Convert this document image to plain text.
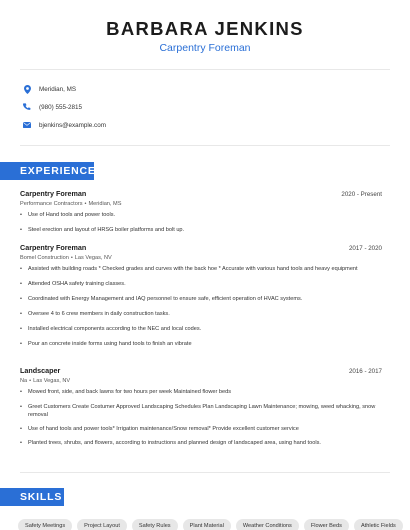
BARBARA JENKINS
Carpentry Foreman
Meridian, MS
(980) 555-2815
bjenkins@example.com
EXPERIENCE
Carpentry Foreman	2020 - Present
Performance Contractors • Meridian, MS
• Use of Hand tools and power tools.
• Steel erection and layout of HRSG boiler platforms and bolt up.
Carpentry Foreman	2017 - 2020
Bomel Construction • Las Vegas, NV
• Assisted with building roads * Checked grades and curves with the back hoe * Accurate with various hand tools and heavy equipment
• Attended OSHA safety training classes.
• Coordinated with Energy Management and IAQ personnel to ensure safe, efficient operation of HVAC systems.
• Oversee 4 to 6 crew members in daily construction tasks.
• Installed electrical components according to the NEC and local codes.
• Pour an concrete inside forms using hand tools to finish an vibrate
Landscaper	2016 - 2017
Na • Las Vegas, NV
• Mowed front, side, and back lawns for two hours per week Maintained flower beds
• Greet Customers Create Costumer Approved Landscaping Schedules Plan Landscaping Lawn Maintenance; mowing, weed whacking, snow removal
• Use of hand tools and power tools* Irrigation maintenance/Snow removal* Provide excellent customer service
• Planted trees, shrubs, and flowers, according to instructions and planned design of landscaped area, using hand tools.
SKILLS
Safety Meetings	Project Layout	Safety Rules	Plant Material	Weather Conditions	Flower Beds	Athletic Fields
